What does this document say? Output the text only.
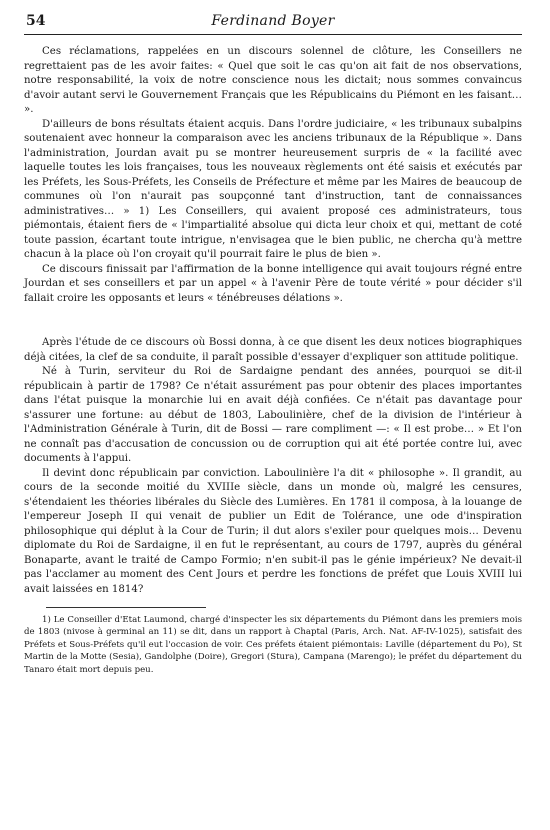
54	Ferdinand Boyer

Ces réclamations, rappelées en un discours solennel de clôture, les Conseillers ne regrettaient pas de les avoir faites: « Quel que soit le cas qu'on ait fait de nos observations, notre responsabilité, la voix de notre conscience nous les dictait; nous sommes convaincus d'avoir autant servi le Gouvernement Français que les Républicains du Piémont en les faisant… ».

D'ailleurs de bons résultats étaient acquis. Dans l'ordre judiciaire, « les tribunaux subalpins soutenaient avec honneur la comparaison avec les anciens tribunaux de la République ». Dans l'administration, Jourdan avait pu se montrer heureusement surpris de « la facilité avec laquelle toutes les lois françaises, tous les nouveaux règlements ont été saisis et exécutés par les Préfets, les Sous-Préfets, les Conseils de Préfecture et même par les Maires de beaucoup de communes où l'on n'aurait pas soupçonné tant d'instruction, tant de connaissances administratives… » 1) Les Conseillers, qui avaient proposé ces administrateurs, tous piémontais, étaient fiers de « l'impartialité absolue qui dicta leur choix et qui, mettant de coté toute passion, écartant toute intrigue, n'envisagea que le bien public, ne chercha qu'à mettre chacun à la place où l'on croyait qu'il pourrait faire le plus de bien ».

Ce discours finissait par l'affirmation de la bonne intelligence qui avait toujours régné entre Jourdan et ses conseillers et par un appel « à l'avenir Père de toute vérité » pour décider s'il fallait croire les opposants et leurs « ténébreuses délations ».

Après l'étude de ce discours où Bossi donna, à ce que disent les deux notices biographiques déjà citées, la clef de sa conduite, il paraît possible d'essayer d'expliquer son attitude politique.

Né à Turin, serviteur du Roi de Sardaigne pendant des années, pourquoi se dit-il républicain à partir de 1798? Ce n'était assurément pas pour obtenir des places importantes dans l'état puisque la monarchie lui en avait déjà confiées. Ce n'était pas davantage pour s'assurer une fortune: au début de 1803, Laboulinière, chef de la division de l'intérieur à l'Administration Générale à Turin, dit de Bossi — rare compliment —: « Il est probe… » Et l'on ne connaît pas d'accusation de concussion ou de corruption qui ait été portée contre lui, avec documents à l'appui.

Il devint donc républicain par conviction. Laboulinière l'a dit « philosophe ». Il grandit, au cours de la seconde moitié du XVIIIe siècle, dans un monde où, malgré les censures, s'étendaient les théories libérales du Siècle des Lumières. En 1781 il composa, à la louange de l'empereur Joseph II qui venait de publier un Edit de Tolérance, une ode d'inspiration philosophique qui déplut à la Cour de Turin; il dut alors s'exiler pour quelques mois… Devenu diplomate du Roi de Sardaigne, il en fut le représentant, au cours de 1797, auprès du général Bonaparte, avant le traité de Campo Formio; n'en subit-il pas le génie impérieux? Ne devait-il pas l'acclamer au moment des Cent Jours et perdre les fonctions de préfet que Louis XVIII lui avait laissées en 1814?

1) Le Conseiller d'Etat Laumond, chargé d'inspecter les six départements du Piémont dans les premiers mois de 1803 (nivose à germinal an 11) se dit, dans un rapport à Chaptal (Paris, Arch. Nat. AF-IV-1025), satisfait des Préfets et Sous-Préfets qu'il eut l'occasion de voir. Ces préfets étaient piémontais: Laville (département du Po), St Martin de la Motte (Sesia), Gandolphe (Doire), Gregori (Stura), Campana (Marengo); le préfet du département du Tanaro était mort depuis peu.
